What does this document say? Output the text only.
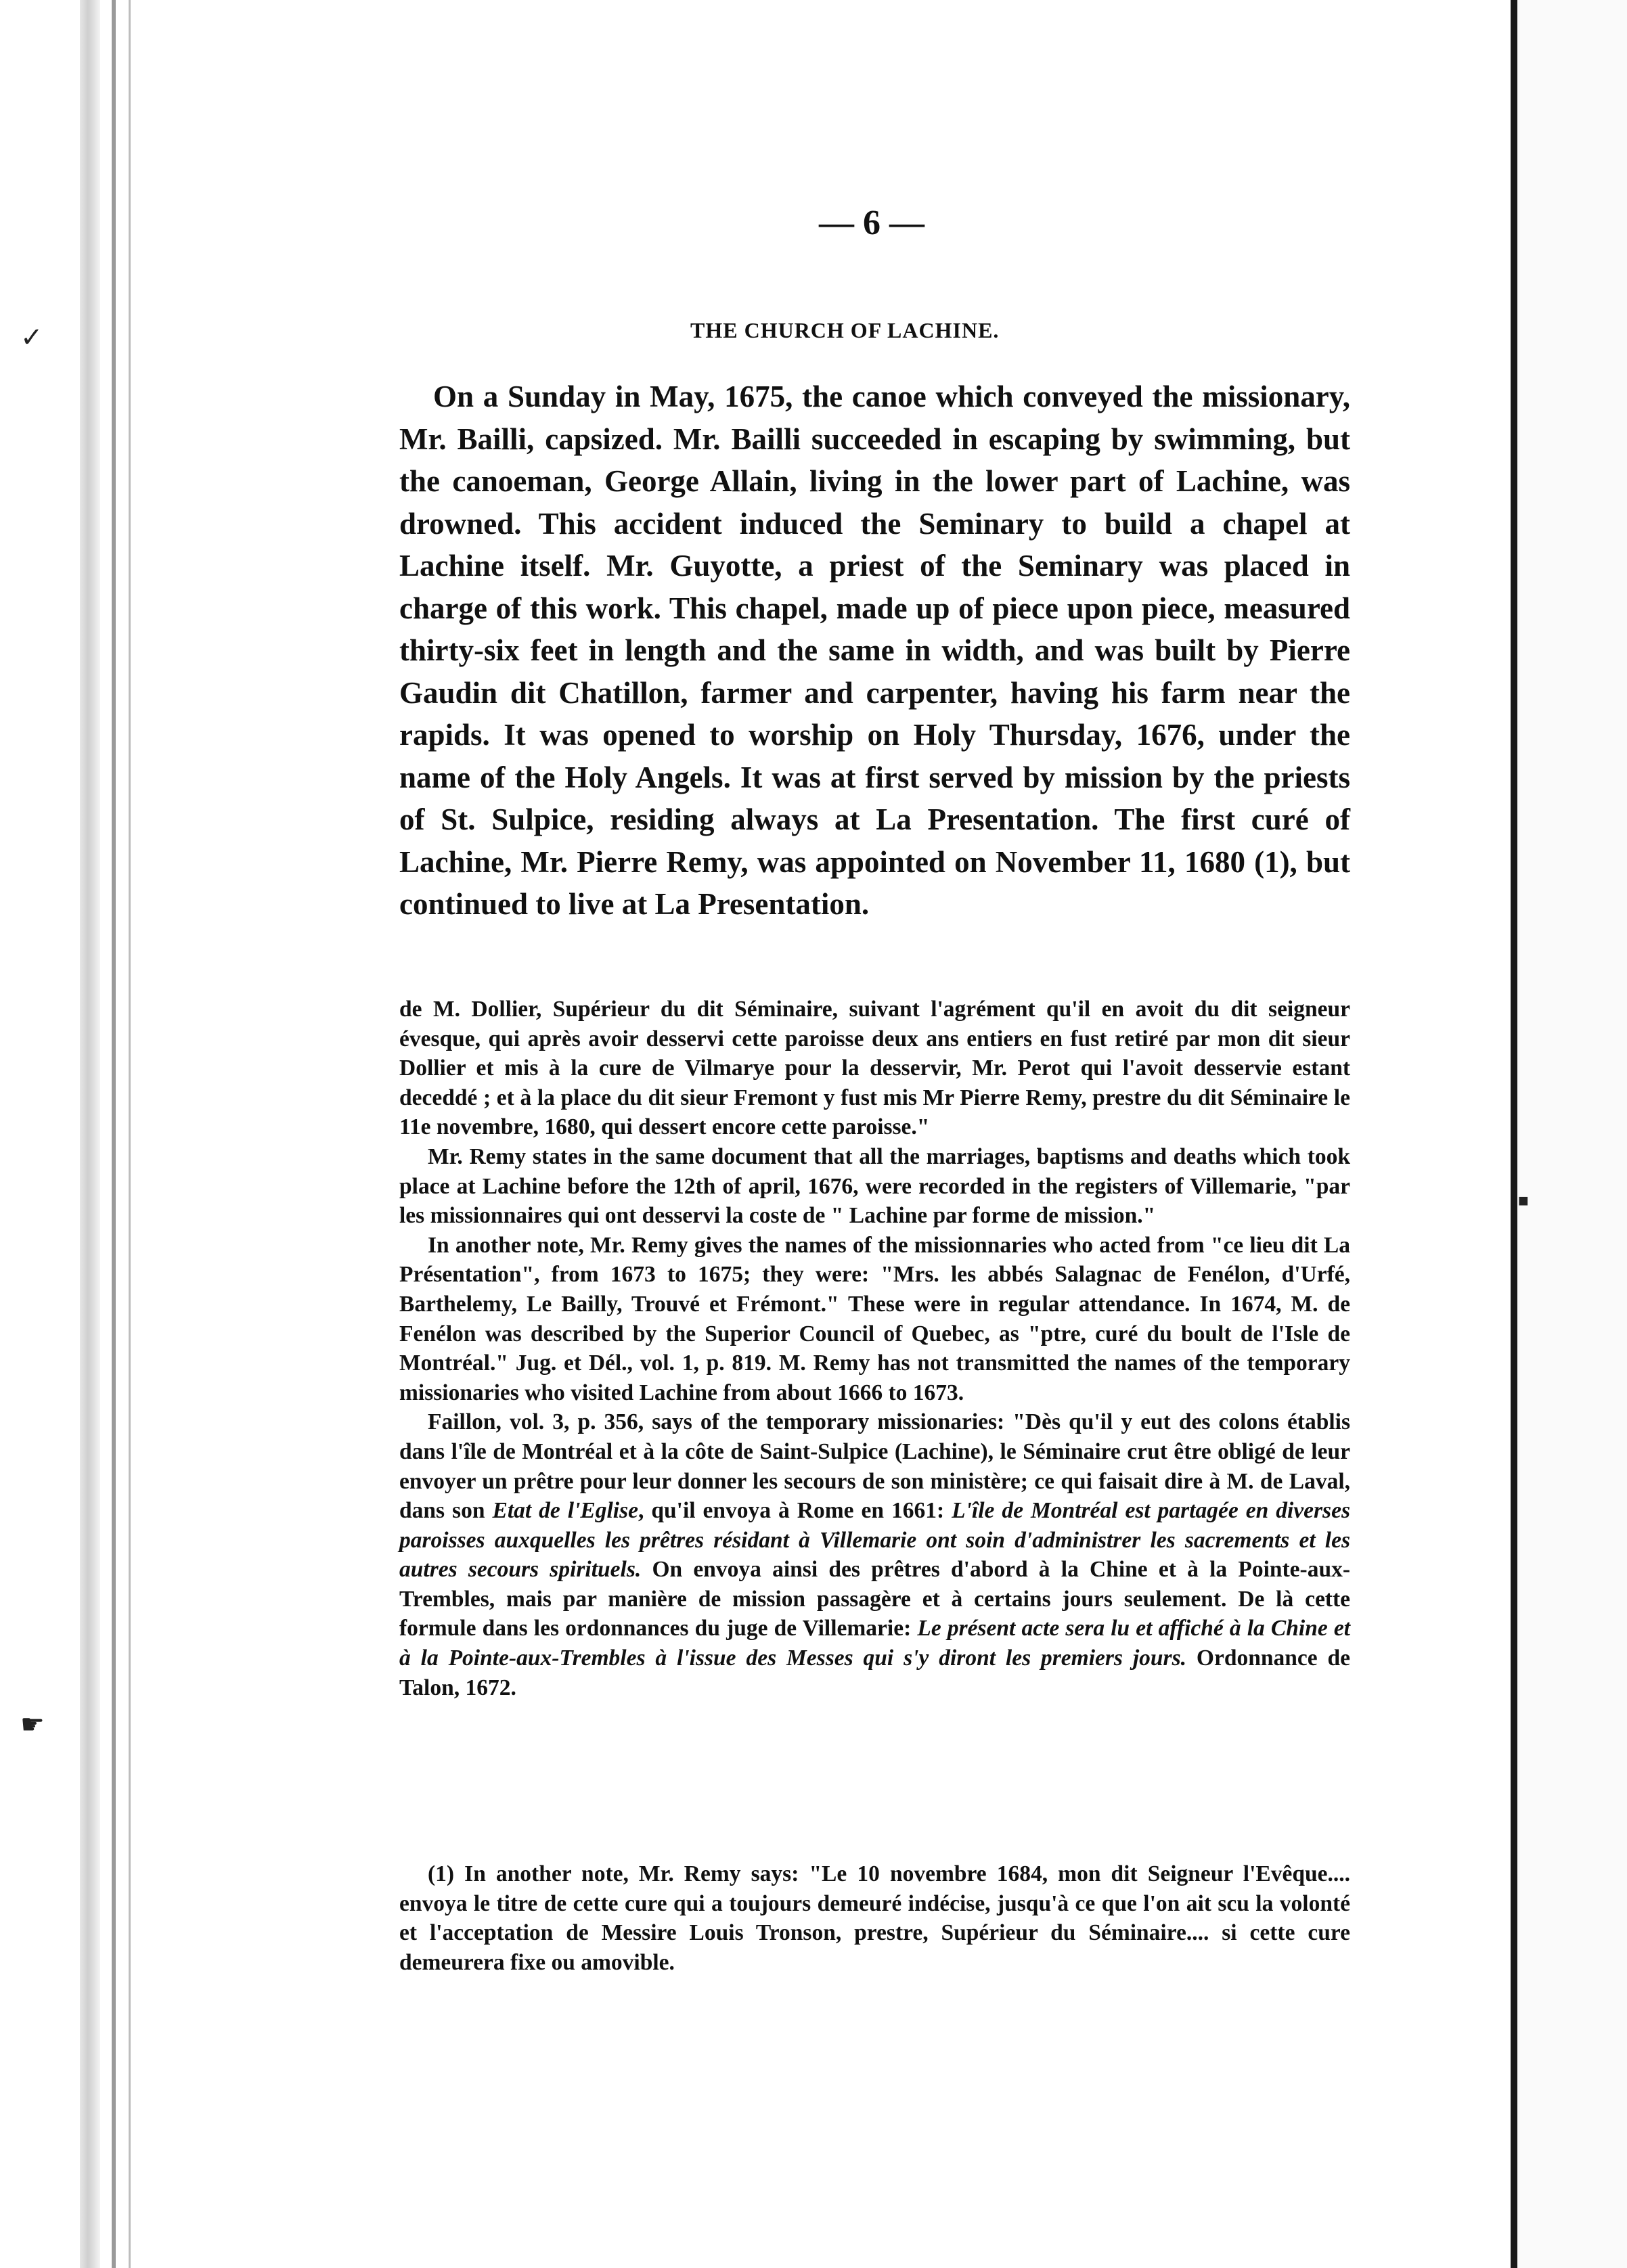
✓
☛
■
— 6 —
THE CHURCH OF LACHINE.
On a Sunday in May, 1675, the canoe which conveyed the missionary, Mr. Bailli, capsized. Mr. Bailli succeeded in escaping by swimming, but the canoeman, George Allain, living in the lower part of Lachine, was drowned. This accident induced the Seminary to build a chapel at Lachine itself. Mr. Guyotte, a priest of the Seminary was placed in charge of this work. This chapel, made up of piece upon piece, measured thirty-six feet in length and the same in width, and was built by Pierre Gaudin dit Chatillon, farmer and carpenter, having his farm near the rapids. It was opened to worship on Holy Thursday, 1676, under the name of the Holy Angels. It was at first served by mission by the priests of St. Sulpice, residing always at La Presentation. The first curé of Lachine, Mr. Pierre Remy, was appointed on November 11, 1680 (1), but continued to live at La Presentation.

de M. Dollier, Supérieur du dit Séminaire, suivant l'agrément qu'il en avoit du dit seigneur évesque, qui après avoir desservi cette paroisse deux ans entiers en fust retiré par mon dit sieur Dollier et mis à la cure de Vilmarye pour la desservir, Mr. Perot qui l'avoit desservie estant deceddé ; et à la place du dit sieur Fremont y fust mis Mr Pierre Remy, prestre du dit Séminaire le 11e novembre, 1680, qui dessert encore cette paroisse."

Mr. Remy states in the same document that all the marriages, baptisms and deaths which took place at Lachine before the 12th of april, 1676, were recorded in the registers of Villemarie, "par les missionnaires qui ont desservi la coste de " Lachine par forme de mission."

In another note, Mr. Remy gives the names of the missionnaries who acted from "ce lieu dit La Présentation", from 1673 to 1675; they were: "Mrs. les abbés Salagnac de Fenélon, d'Urfé, Barthelemy, Le Bailly, Trouvé et Frémont." These were in regular attendance. In 1674, M. de Fenélon was described by the Superior Council of Quebec, as "ptre, curé du boult de l'Isle de Montréal." Jug. et Dél., vol. 1, p. 819. M. Remy has not transmitted the names of the temporary missionaries who visited Lachine from about 1666 to 1673.

Faillon, vol. 3, p. 356, says of the temporary missionaries: "Dès qu'il y eut des colons établis dans l'île de Montréal et à la côte de Saint-Sulpice (Lachine), le Séminaire crut être obligé de leur envoyer un prêtre pour leur donner les secours de son ministère; ce qui faisait dire à M. de Laval, dans son Etat de l'Eglise, qu'il envoya à Rome en 1661: L'île de Montréal est partagée en diverses paroisses auxquelles les prêtres résidant à Villemarie ont soin d'administrer les sacrements et les autres secours spirituels. On envoya ainsi des prêtres d'abord à la Chine et à la Pointe-aux-Trembles, mais par manière de mission passagère et à certains jours seulement. De là cette formule dans les ordonnances du juge de Villemarie: Le présent acte sera lu et affiché à la Chine et à la Pointe-aux-Trembles à l'issue des Messes qui s'y diront les premiers jours. Ordonnance de Talon, 1672.

(1) In another note, Mr. Remy says: "Le 10 novembre 1684, mon dit Seigneur l'Evêque.... envoya le titre de cette cure qui a toujours demeuré indécise, jusqu'à ce que l'on ait scu la volonté et l'acceptation de Messire Louis Tronson, prestre, Supérieur du Séminaire.... si cette cure demeurera fixe ou amovible.
